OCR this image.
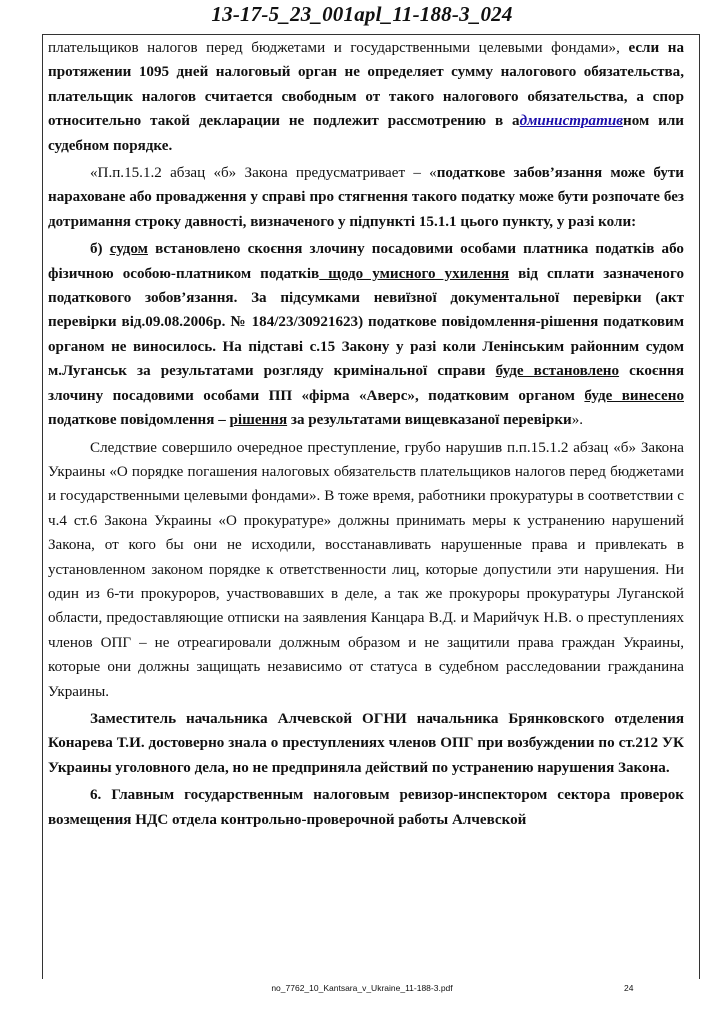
13-17-5_23_001apl_11-188-3_024

плательщиков налогов перед бюджетами и государственными целевыми фондами», если на протяжении 1095 дней налоговый орган не определяет сумму налогового обязательства, плательщик налогов считается свободным от такого налогового обязательства, а спор относительно такой декларации не подлежит рассмотрению в административном или судебном порядке.

«П.п.15.1.2 абзац «б» Закона предусматривает – «податкове забов’язання може бути нараховане або провадження у справі про стягнення такого податку може бути розпочате без дотримання строку давності, визначеного у підпункті 15.1.1 цього пункту, у разі коли:

б) судом встановлено скоєння злочину посадовими особами платника податків або фізичною особою-платником податків щодо умисного ухилення від сплати зазначеного податкового зобов’язання. За підсумками невиїзної документальної перевірки (акт перевірки від.09.08.2006р. № 184/23/30921623) податкове повідомлення-рішення податковим органом не виносилось. На підставі с.15 Закону у разі коли Ленінським районним судом м.Луганськ за результатами розгляду кримінальної справи буде встановлено скоєння злочину посадовими особами ПП «фірма «Аверс», податковим органом буде винесено податкове повідомлення – рішення за результатами вищевказаної перевірки».

Следствие совершило очередное преступление, грубо нарушив п.п.15.1.2 абзац «б» Закона Украины «О порядке погашения налоговых обязательств плательщиков налогов перед бюджетами и государственными целевыми фондами». В тоже время, работники прокуратуры в соответствии с ч.4 ст.6 Закона Украины «О прокуратуре» должны принимать меры к устранению нарушений Закона, от кого бы они не исходили, восстанавливать нарушенные права и привлекать в установленном законом порядке к ответственности лиц, которые допустили эти нарушения. Ни один из 6-ти прокуроров, участвовавших в деле, а так же прокуроры прокуратуры Луганской области, предоставляющие отписки на заявления Канцара В.Д. и Марийчук Н.В. о преступлениях членов ОПГ – не отреагировали должным образом и не защитили права граждан Украины, которые они должны защищать независимо от статуса в судебном расследовании гражданина Украины.

Заместитель начальника Алчевской ОГНИ начальника Брянковского отделения Конарева Т.И. достоверно знала о преступлениях членов ОПГ при возбуждении по ст.212 УК Украины уголовного дела, но не предприняла действий по устранению нарушения Закона.

6. Главным государственным налоговым ревизор-инспектором сектора проверок возмещения НДС отдела контрольно-проверочной работы Алчевской

no_7762_10_Kantsara_v_Ukraine_11-188-3.pdf	24
